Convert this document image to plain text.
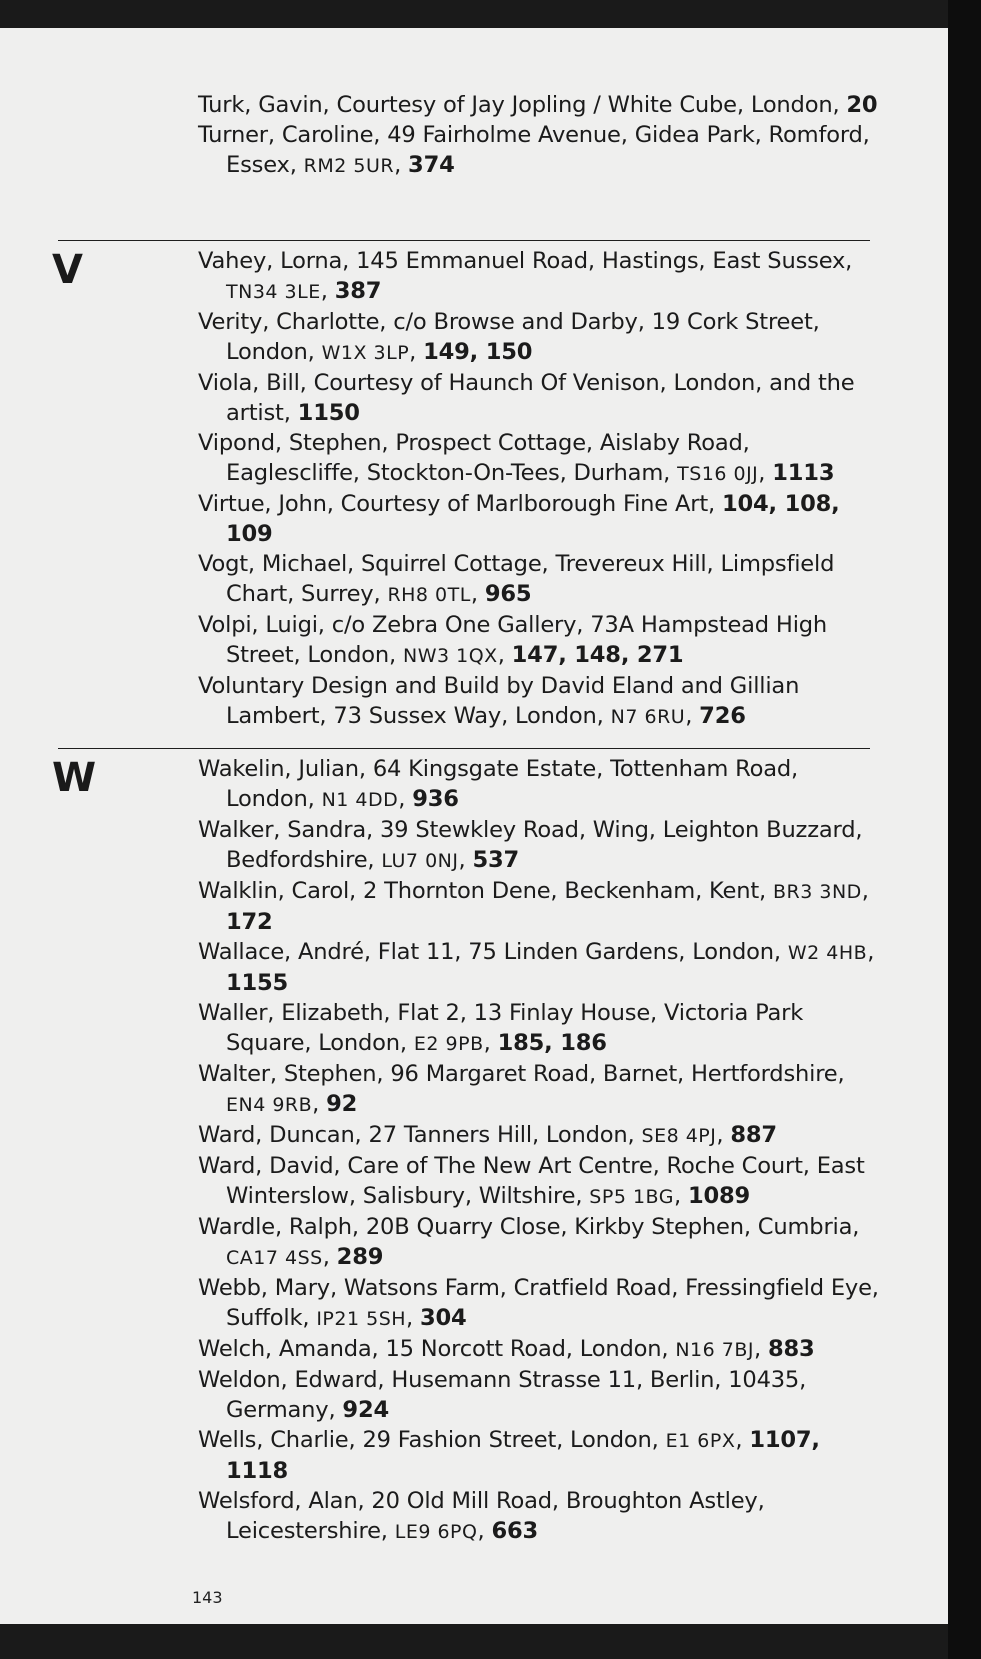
Turk, Gavin, Courtesy of Jay Jopling / White Cube, London, 20
Turner, Caroline, 49 Fairholme Avenue, Gidea Park, Romford, Essex, RM2 5UR, 374
V	Vahey, Lorna, 145 Emmanuel Road, Hastings, East Sussex, TN34 3LE, 387
Verity, Charlotte, c/o Browse and Darby, 19 Cork Street, London, W1X 3LP, 149, 150
Viola, Bill, Courtesy of Haunch Of Venison, London, and the artist, 1150
Vipond, Stephen, Prospect Cottage, Aislaby Road, Eaglescliffe, Stockton-On-Tees, Durham, TS16 0JJ, 1113
Virtue, John, Courtesy of Marlborough Fine Art, 104, 108, 109
Vogt, Michael, Squirrel Cottage, Trevereux Hill, Limpsfield Chart, Surrey, RH8 0TL, 965
Volpi, Luigi, c/o Zebra One Gallery, 73A Hampstead High Street, London, NW3 1QX, 147, 148, 271
Voluntary Design and Build by David Eland and Gillian Lambert, 73 Sussex Way, London, N7 6RU, 726
W	Wakelin, Julian, 64 Kingsgate Estate, Tottenham Road, London, N1 4DD, 936
Walker, Sandra, 39 Stewkley Road, Wing, Leighton Buzzard, Bedfordshire, LU7 0NJ, 537
Walklin, Carol, 2 Thornton Dene, Beckenham, Kent, BR3 3ND, 172
Wallace, André, Flat 11, 75 Linden Gardens, London, W2 4HB, 1155
Waller, Elizabeth, Flat 2, 13 Finlay House, Victoria Park Square, London, E2 9PB, 185, 186
Walter, Stephen, 96 Margaret Road, Barnet, Hertfordshire, EN4 9RB, 92
Ward, Duncan, 27 Tanners Hill, London, SE8 4PJ, 887
Ward, David, Care of The New Art Centre, Roche Court, East Winterslow, Salisbury, Wiltshire, SP5 1BG, 1089
Wardle, Ralph, 20B Quarry Close, Kirkby Stephen, Cumbria, CA17 4SS, 289
Webb, Mary, Watsons Farm, Cratfield Road, Fressingfield Eye, Suffolk, IP21 5SH, 304
Welch, Amanda, 15 Norcott Road, London, N16 7BJ, 883
Weldon, Edward, Husemann Strasse 11, Berlin, 10435, Germany, 924
Wells, Charlie, 29 Fashion Street, London, E1 6PX, 1107, 1118
Welsford, Alan, 20 Old Mill Road, Broughton Astley, Leicestershire, LE9 6PQ, 663
143
